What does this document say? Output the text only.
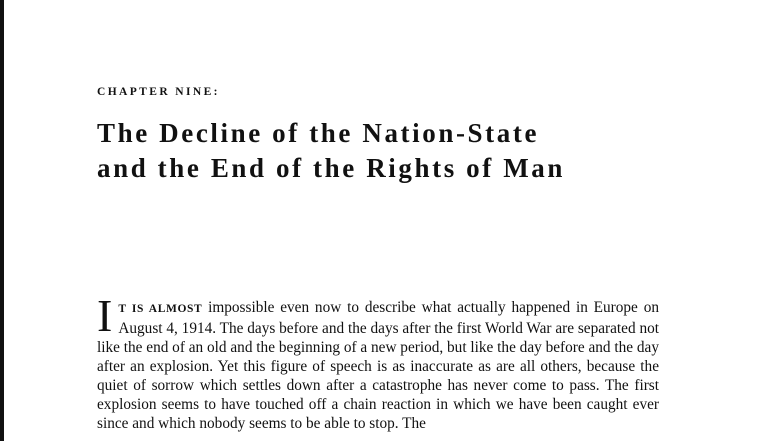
CHAPTER NINE:
The Decline of the Nation-State
and the End of the Rights of Man
I T IS ALMOST impossible even now to describe what actually happened in Europe on August 4, 1914. The days before and the days after the first World War are separated not like the end of an old and the beginning of a new period, but like the day before and the day after an explosion. Yet this figure of speech is as inaccurate as are all others, because the quiet of sorrow which settles down after a catastrophe has never come to pass. The first explosion seems to have touched off a chain reaction in which we have been caught ever since and which nobody seems to be able to stop. The
